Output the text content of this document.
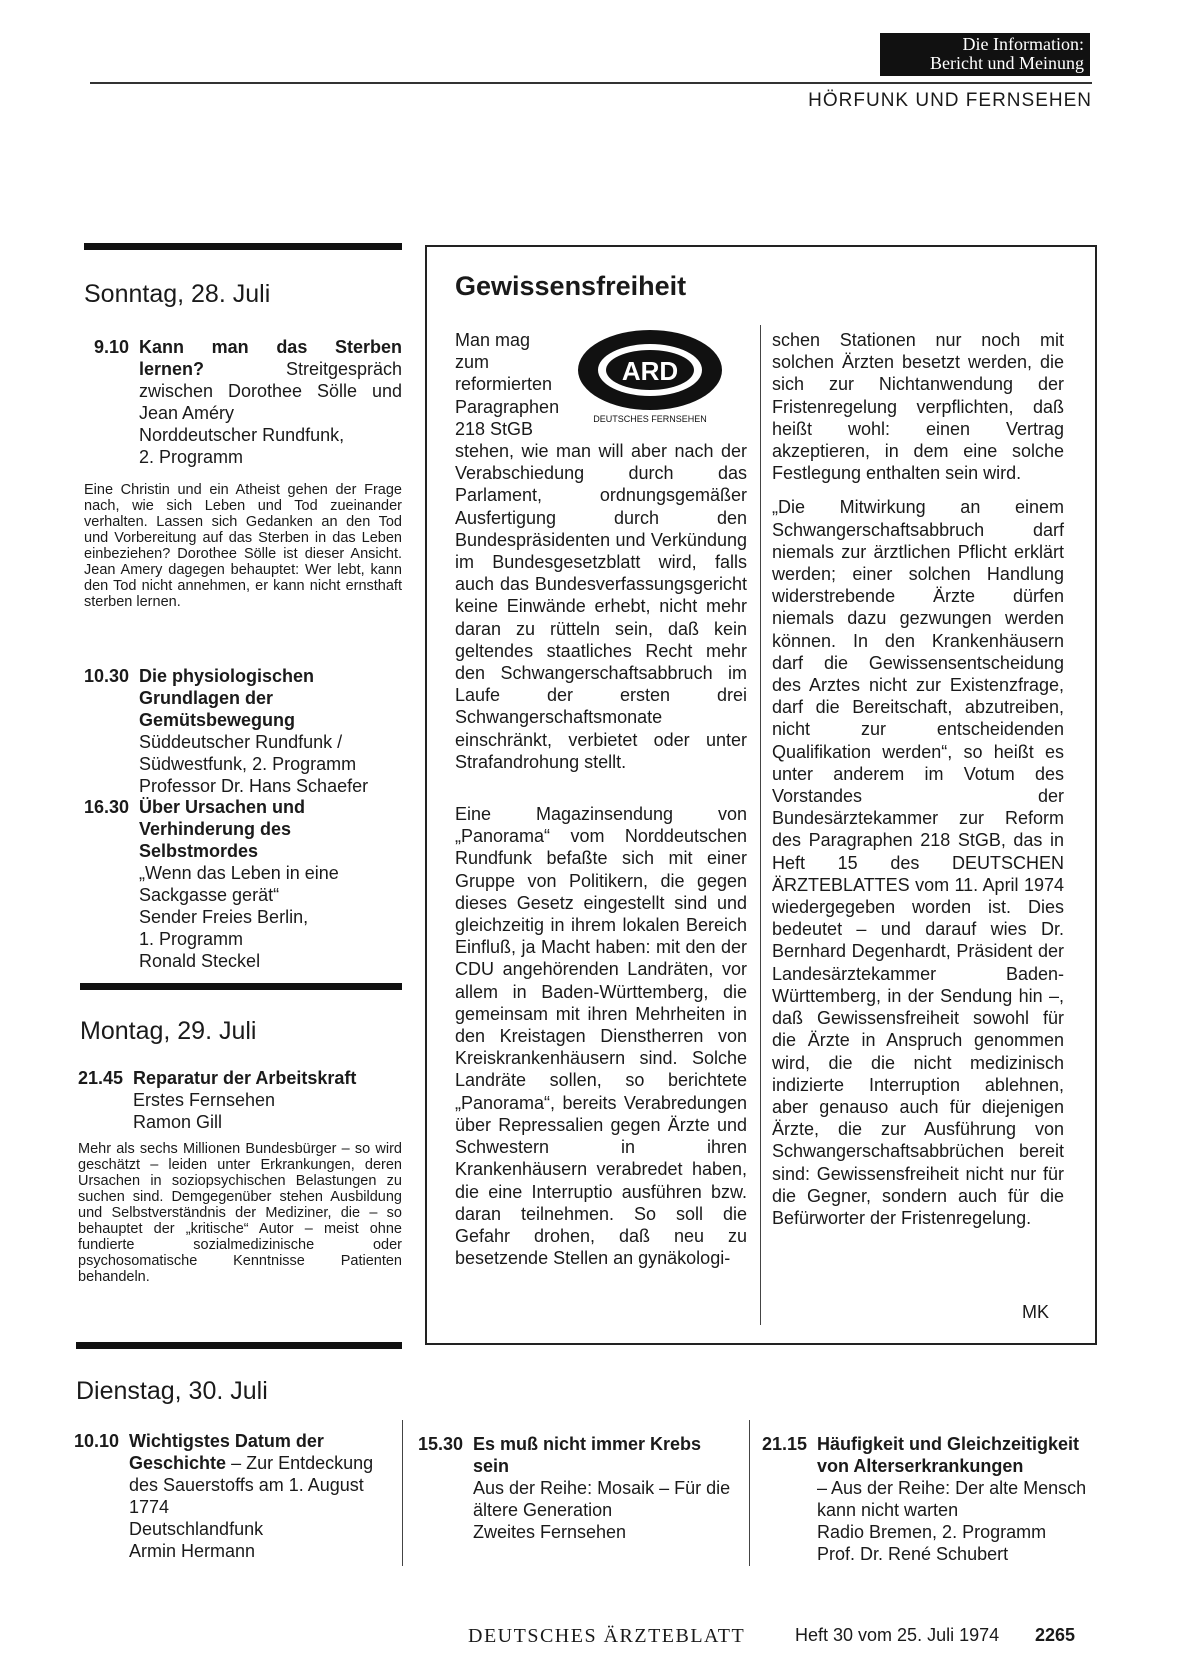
Die Information:
Bericht und Meinung
HÖRFUNK UND FERNSEHEN
Sonntag, 28. Juli
9.10 Kann man das Sterben lernen?	Streitgespräch zwischen Dorothee Sölle und Jean Améry
Norddeutscher Rundfunk,
2. Programm
Eine Christin und ein Atheist gehen der Frage nach, wie sich Leben und Tod zueinander verhalten. Lassen sich Gedanken an den Tod und Vorbereitung auf das Sterben in das Leben einbeziehen? Dorothee Sölle ist dieser Ansicht. Jean Amery dagegen behauptet: Wer lebt, kann den Tod nicht annehmen, er kann nicht ernsthaft sterben lernen.
10.30 Die physiologischen Grundlagen der Gemütsbewegung
Süddeutscher Rundfunk /
Südwestfunk, 2. Programm
Professor Dr. Hans Schaefer
16.30 Über Ursachen und Verhinderung des Selbstmordes
„Wenn das Leben in eine Sackgasse gerät“
Sender Freies Berlin,
1. Programm
Ronald Steckel
Montag, 29. Juli
21.45 Reparatur der Arbeitskraft
Erstes Fernsehen
Ramon Gill
Mehr als sechs Millionen Bundesbürger – so wird geschätzt – leiden unter Erkrankungen, deren Ursachen in soziopsychischen Belastungen zu suchen sind. Demgegenüber stehen Ausbildung und Selbstverständnis der Mediziner, die – so behauptet der „kritische“ Autor – meist ohne fundierte sozialmedizinische oder psychosomatische Kenntnisse Patienten behandeln.
Dienstag, 30. Juli
10.10 Wichtigstes Datum der Geschichte – Zur Entdeckung des Sauerstoffs am 1. August 1774
Deutschlandfunk
Armin Hermann
15.30 Es muß nicht immer Krebs sein
Aus der Reihe: Mosaik – Für die ältere Generation
Zweites Fernsehen
21.15 Häufigkeit und Gleichzeitigkeit von Alterserkrankungen
– Aus der Reihe: Der alte Mensch kann nicht warten
Radio Bremen, 2. Programm
Prof. Dr. René Schubert
Gewissensfreiheit
ARD
DEUTSCHES FERNSEHEN
Man mag zum reformierten Paragraphen 218 StGB

stehen, wie man will aber nach der Verabschiedung durch das Parlament, ordnungsgemäßer Ausfertigung durch den Bundespräsidenten und Verkündung im Bundesgesetzblatt wird, falls auch das Bundesverfassungsgericht keine Einwände erhebt, nicht mehr daran zu rütteln sein, daß kein geltendes staatliches Recht mehr den Schwangerschaftsabbruch im Laufe der ersten drei Schwangerschaftsmonate einschränkt, verbietet oder unter Strafandrohung stellt.

Eine Magazinsendung von „Panorama“ vom Norddeutschen Rundfunk befaßte sich mit einer Gruppe von Politikern, die gegen dieses Gesetz eingestellt sind und gleichzeitig in ihrem lokalen Bereich Einfluß, ja Macht haben: mit den der CDU angehörenden Landräten, vor allem in Baden-Württemberg, die gemeinsam mit ihren Mehrheiten in den Kreistagen Dienstherren von Kreiskrankenhäusern sind. Solche Landräte sollen, so berichtete „Panorama“, bereits Verabredungen über Repressalien gegen Ärzte und Schwestern in ihren Krankenhäusern verabredet haben, die eine Interruptio ausführen bzw. daran teilnehmen. So soll die Gefahr drohen, daß neu zu besetzende Stellen an gynäkologi-

schen Stationen nur noch mit solchen Ärzten besetzt werden, die sich zur Nichtanwendung der Fristenregelung verpflichten, daß heißt wohl: einen Vertrag akzeptieren, in dem eine solche Festlegung enthalten sein wird.

„Die Mitwirkung an einem Schwangerschaftsabbruch darf niemals zur ärztlichen Pflicht erklärt werden; einer solchen Handlung widerstrebende Ärzte dürfen niemals dazu gezwungen werden können. In den Krankenhäusern darf die Gewissensentscheidung des Arztes nicht zur Existenzfrage, darf die Bereitschaft, abzutreiben, nicht zur entscheidenden Qualifikation werden“, so heißt es unter anderem im Votum des Vorstandes der Bundesärztekammer zur Reform des Paragraphen 218 StGB, das in Heft 15 des DEUTSCHEN ÄRZTEBLATTES vom 11. April 1974 wiedergegeben worden ist. Dies bedeutet – und darauf wies Dr. Bernhard Degenhardt, Präsident der Landesärztekammer Baden-Württemberg, in der Sendung hin –, daß Gewissensfreiheit sowohl für die Ärzte in Anspruch genommen wird, die die nicht medizinisch indizierte Interruption ablehnen, aber genauso auch für diejenigen Ärzte, die zur Ausführung von Schwangerschaftsabbrüchen bereit sind: Gewissensfreiheit nicht nur für die Gegner, sondern auch für die Befürworter der Fristenregelung.

MK
DEUTSCHES ÄRZTEBLATT	Heft 30 vom 25. Juli 1974 2265
